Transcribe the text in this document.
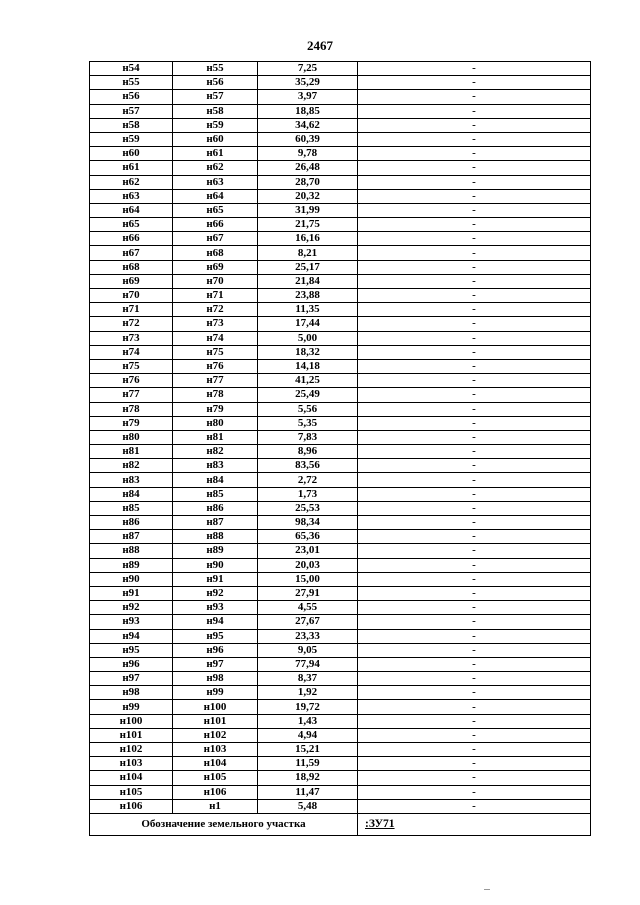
2467
н54	н55	7,25	-
н55	н56	35,29	-
н56	н57	3,97	-
н57	н58	18,85	-
н58	н59	34,62	-
н59	н60	60,39	-
н60	н61	9,78	-
н61	н62	26,48	-
н62	н63	28,70	-
н63	н64	20,32	-
н64	н65	31,99	-
н65	н66	21,75	-
н66	н67	16,16	-
н67	н68	8,21	-
н68	н69	25,17	-
н69	н70	21,84	-
н70	н71	23,88	-
н71	н72	11,35	-
н72	н73	17,44	-
н73	н74	5,00	-
н74	н75	18,32	-
н75	н76	14,18	-
н76	н77	41,25	-
н77	н78	25,49	-
н78	н79	5,56	-
н79	н80	5,35	-
н80	н81	7,83	-
н81	н82	8,96	-
н82	н83	83,56	-
н83	н84	2,72	-
н84	н85	1,73	-
н85	н86	25,53	-
н86	н87	98,34	-
н87	н88	65,36	-
н88	н89	23,01	-
н89	н90	20,03	-
н90	н91	15,00	-
н91	н92	27,91	-
н92	н93	4,55	-
н93	н94	27,67	-
н94	н95	23,33	-
н95	н96	9,05	-
н96	н97	77,94	-
н97	н98	8,37	-
н98	н99	1,92	-
н99	н100	19,72	-
н100	н101	1,43	-
н101	н102	4,94	-
н102	н103	15,21	-
н103	н104	11,59	-
н104	н105	18,92	-
н105	н106	11,47	-
н106	н1	5,48	-
Обозначение земельного участка			:ЗУ71
